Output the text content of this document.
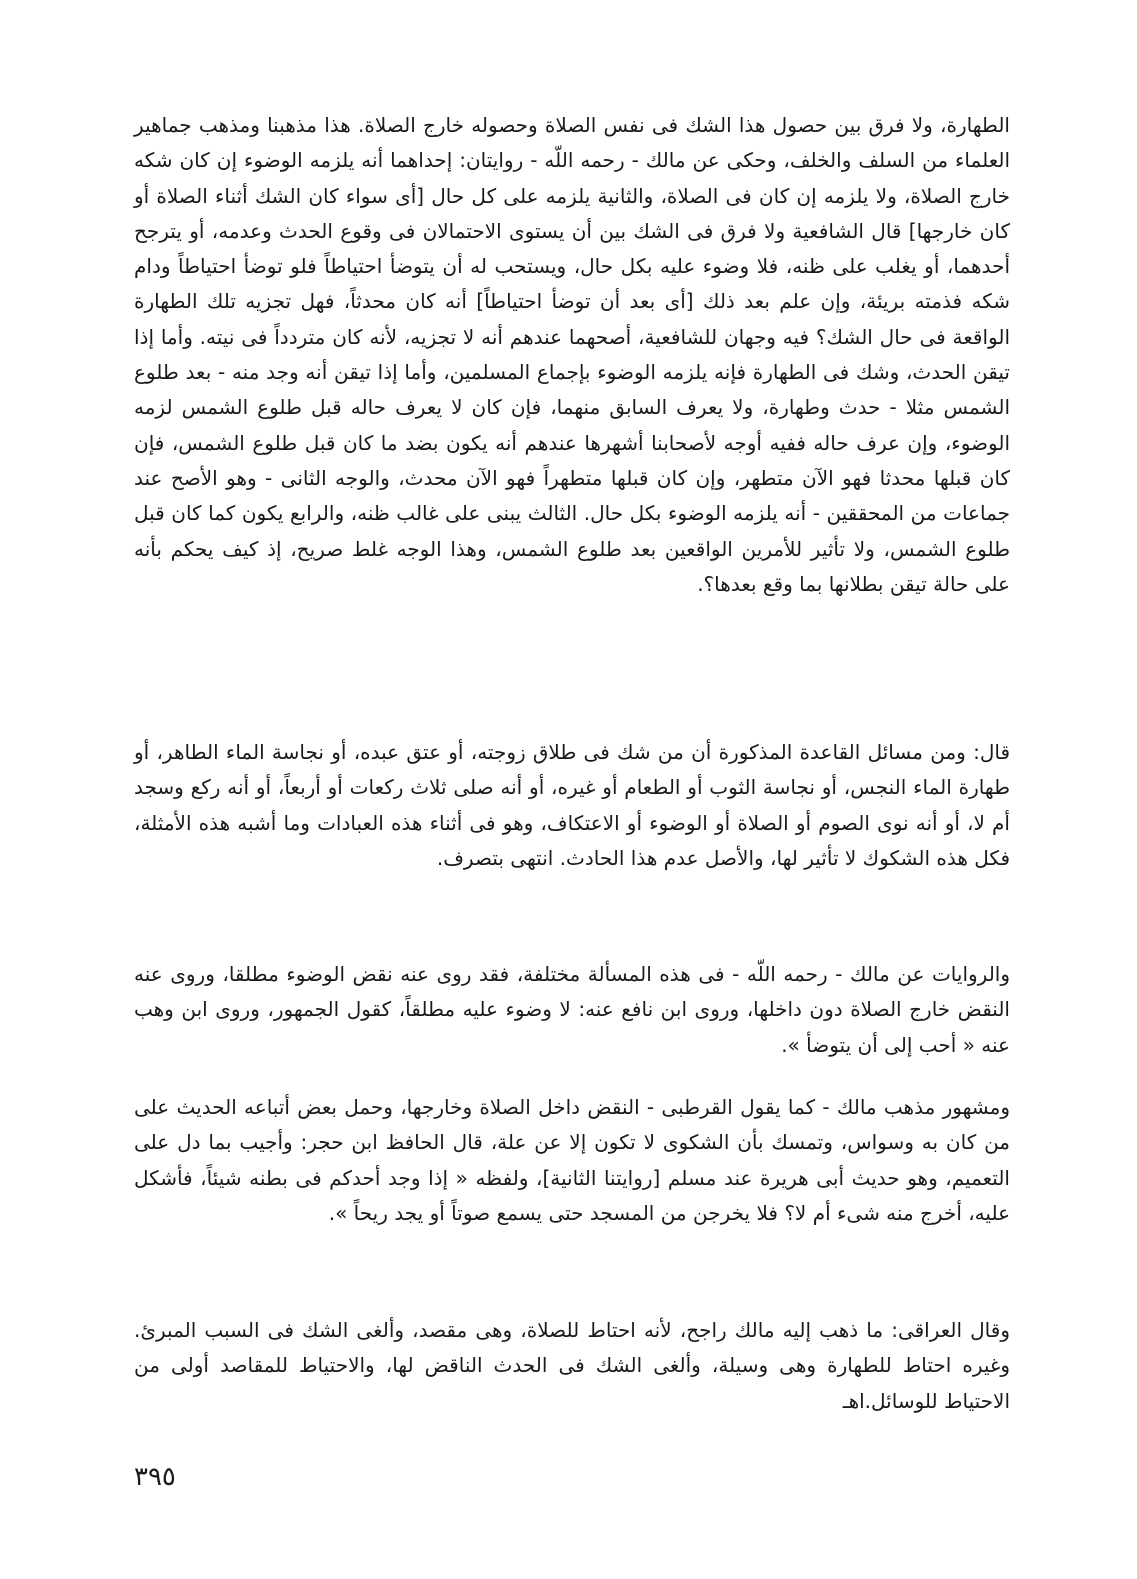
الطهارة، ولا فرق بين حصول هذا الشك فى نفس الصلاة وحصوله خارج الصلاة. هذا مذهبنا ومذهب جماهير العلماء من السلف والخلف، وحكى عن مالك - رحمه اللّه - روايتان: إحداهما أنه يلزمه الوضوء إن كان شكه خارج الصلاة، ولا يلزمه إن كان فى الصلاة، والثانية يلزمه على كل حال [أى سواء كان الشك أثناء الصلاة أو كان خارجها] قال الشافعية ولا فرق فى الشك بين أن يستوى الاحتمالان فى وقوع الحدث وعدمه، أو يترجح أحدهما، أو يغلب على ظنه، فلا وضوء عليه بكل حال، ويستحب له أن يتوضأ احتياطاً فلو توضأ احتياطاً ودام شكه فذمته بريئة، وإن علم بعد ذلك [أى بعد أن توضأ احتياطاً] أنه كان محدثاً، فهل تجزيه تلك الطهارة الواقعة فى حال الشك؟ فيه وجهان للشافعية، أصحهما عندهم أنه لا تجزيه، لأنه كان متردداً فى نيته. وأما إذا تيقن الحدث، وشك فى الطهارة فإنه يلزمه الوضوء بإجماع المسلمين، وأما إذا تيقن أنه وجد منه - بعد طلوع الشمس مثلا - حدث وطهارة، ولا يعرف السابق منهما، فإن كان لا يعرف حاله قبل طلوع الشمس لزمه الوضوء، وإن عرف حاله ففيه أوجه لأصحابنا أشهرها عندهم أنه يكون بضد ما كان قبل طلوع الشمس، فإن كان قبلها محدثا فهو الآن متطهر، وإن كان قبلها متطهراً فهو الآن محدث، والوجه الثانى - وهو الأصح عند جماعات من المحققين - أنه يلزمه الوضوء بكل حال. الثالث يبنى على غالب ظنه، والرابع يكون كما كان قبل طلوع الشمس، ولا تأثير للأمرين الواقعين بعد طلوع الشمس، وهذا الوجه غلط صريح، إذ كيف يحكم بأنه على حالة تيقن بطلانها بما وقع بعدها؟.

قال: ومن مسائل القاعدة المذكورة أن من شك فى طلاق زوجته، أو عتق عبده، أو نجاسة الماء الطاهر، أو طهارة الماء النجس، أو نجاسة الثوب أو الطعام أو غيره، أو أنه صلى ثلاث ركعات أو أربعاً، أو أنه ركع وسجد أم لا، أو أنه نوى الصوم أو الصلاة أو الوضوء أو الاعتكاف، وهو فى أثناء هذه العبادات وما أشبه هذه الأمثلة، فكل هذه الشكوك لا تأثير لها، والأصل عدم هذا الحادث. انتهى بتصرف.

والروايات عن مالك - رحمه اللّه - فى هذه المسألة مختلفة، فقد روى عنه نقض الوضوء مطلقا، وروى عنه النقض خارج الصلاة دون داخلها، وروى ابن نافع عنه: لا وضوء عليه مطلقاً، كقول الجمهور، وروى ابن وهب عنه « أحب إلى أن يتوضأ ».

ومشهور مذهب مالك - كما يقول القرطبى - النقض داخل الصلاة وخارجها، وحمل بعض أتباعه الحديث على من كان به وسواس، وتمسك بأن الشكوى لا تكون إلا عن علة، قال الحافظ ابن حجر: وأجيب بما دل على التعميم، وهو حديث أبى هريرة عند مسلم [روايتنا الثانية]، ولفظه « إذا وجد أحدكم فى بطنه شيئاً، فأشكل عليه، أخرج منه شىء أم لا؟ فلا يخرجن من المسجد حتى يسمع صوتاً أو يجد ريحاً ».

وقال العراقى: ما ذهب إليه مالك راجح، لأنه احتاط للصلاة، وهى مقصد، وألغى الشك فى السبب المبرئ. وغيره احتاط للطهارة وهى وسيلة، وألغى الشك فى الحدث الناقض لها، والاحتياط للمقاصد أولى من الاحتياط للوسائل.اهـ

٣٩٥
